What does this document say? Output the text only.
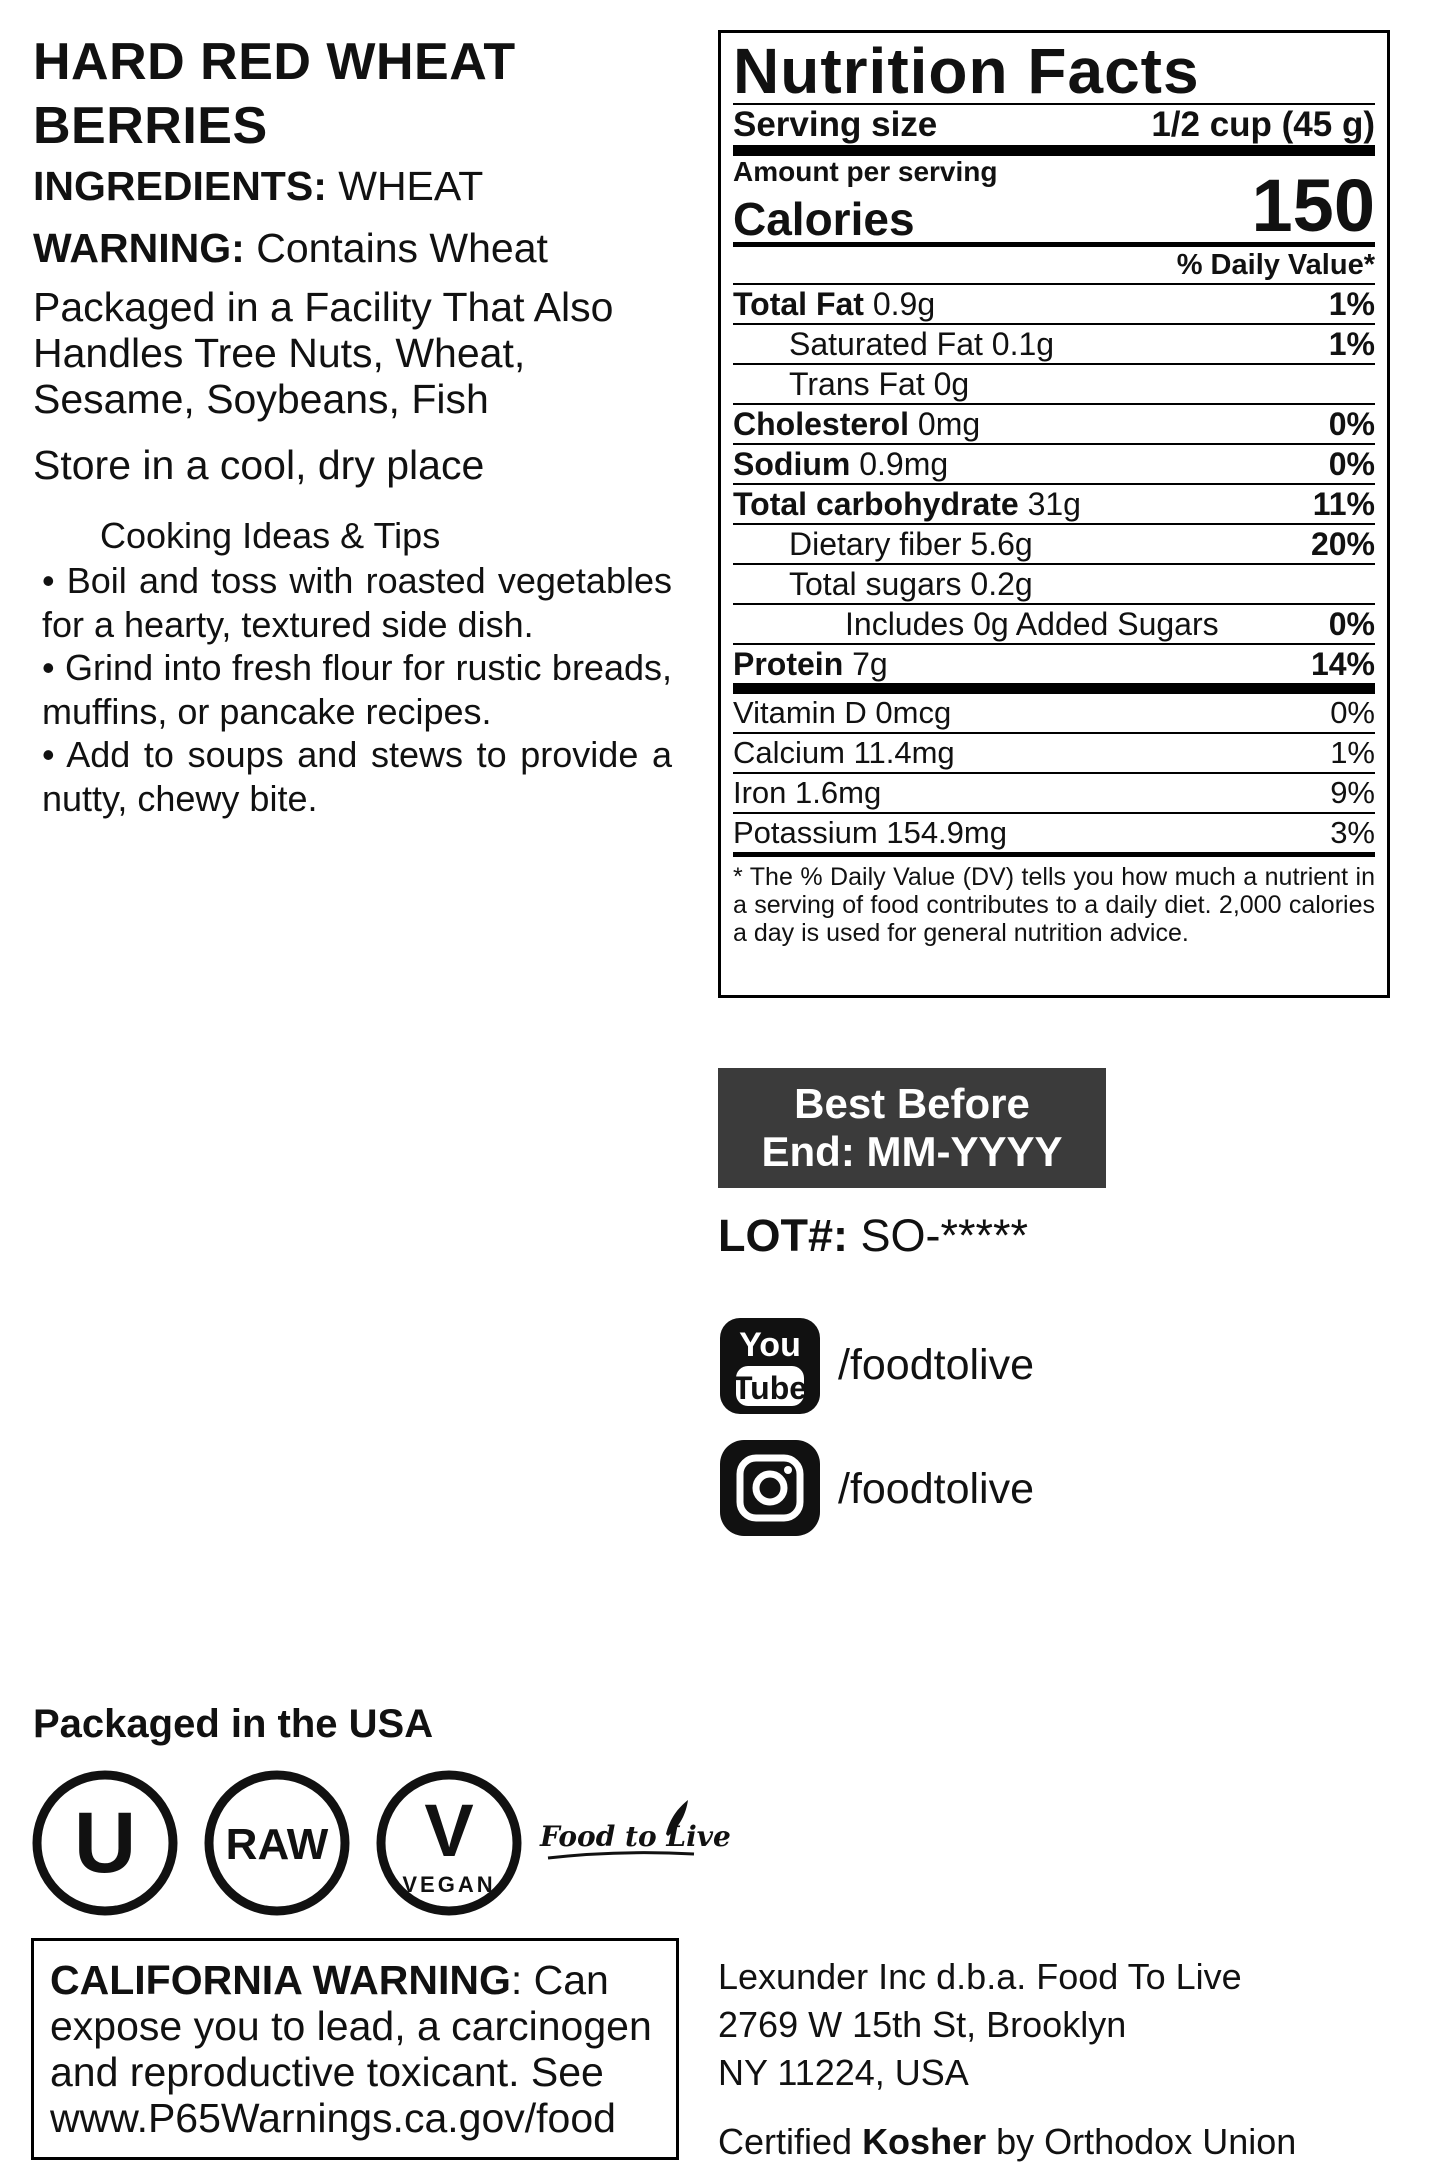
HARD RED WHEAT BERRIES
INGREDIENTS: WHEAT
WARNING: Contains Wheat
Packaged in a Facility That Also Handles Tree Nuts, Wheat, Sesame, Soybeans, Fish
Store in a cool, dry place
Cooking Ideas & Tips

• Boil and toss with roasted vegetables for a hearty, textured side dish.

• Grind into fresh flour for rustic breads, muffins, or pancake recipes.

• Add to soups and stews to provide a nutty, chewy bite.

Nutrition Facts
Serving size	1/2 cup (45 g)
Amount per serving
Calories	150
% Daily Value*
Total Fat 0.9g	1%
Saturated Fat 0.1g	1%
Trans Fat 0g
Cholesterol 0mg	0%
Sodium 0.9mg	0%
Total carbohydrate 31g	11%
Dietary fiber 5.6g	20%
Total sugars 0.2g
Includes 0g Added Sugars	0%
Protein 7g	14%
Vitamin D 0mcg	0%
Calcium 11.4mg	1%
Iron 1.6mg	9%
Potassium 154.9mg	3%
* The % Daily Value (DV) tells you how much a nutrient in a serving of food contributes to a daily diet. 2,000 calories a day is used for general nutrition advice.
Best Before
End: MM-YYYY
LOT#: SO-*****
You
Tube /foodtolive
/foodtolive
Packaged in the USA
U RAW V
VEGAN
Food to Live
CALIFORNIA WARNING: Can expose you to lead, a carcinogen and reproductive toxicant. See www.P65Warnings.ca.gov/food
Lexunder Inc d.b.a. Food To Live
2769 W 15th St, Brooklyn
NY 11224, USA
Certified Kosher by Orthodox Union
